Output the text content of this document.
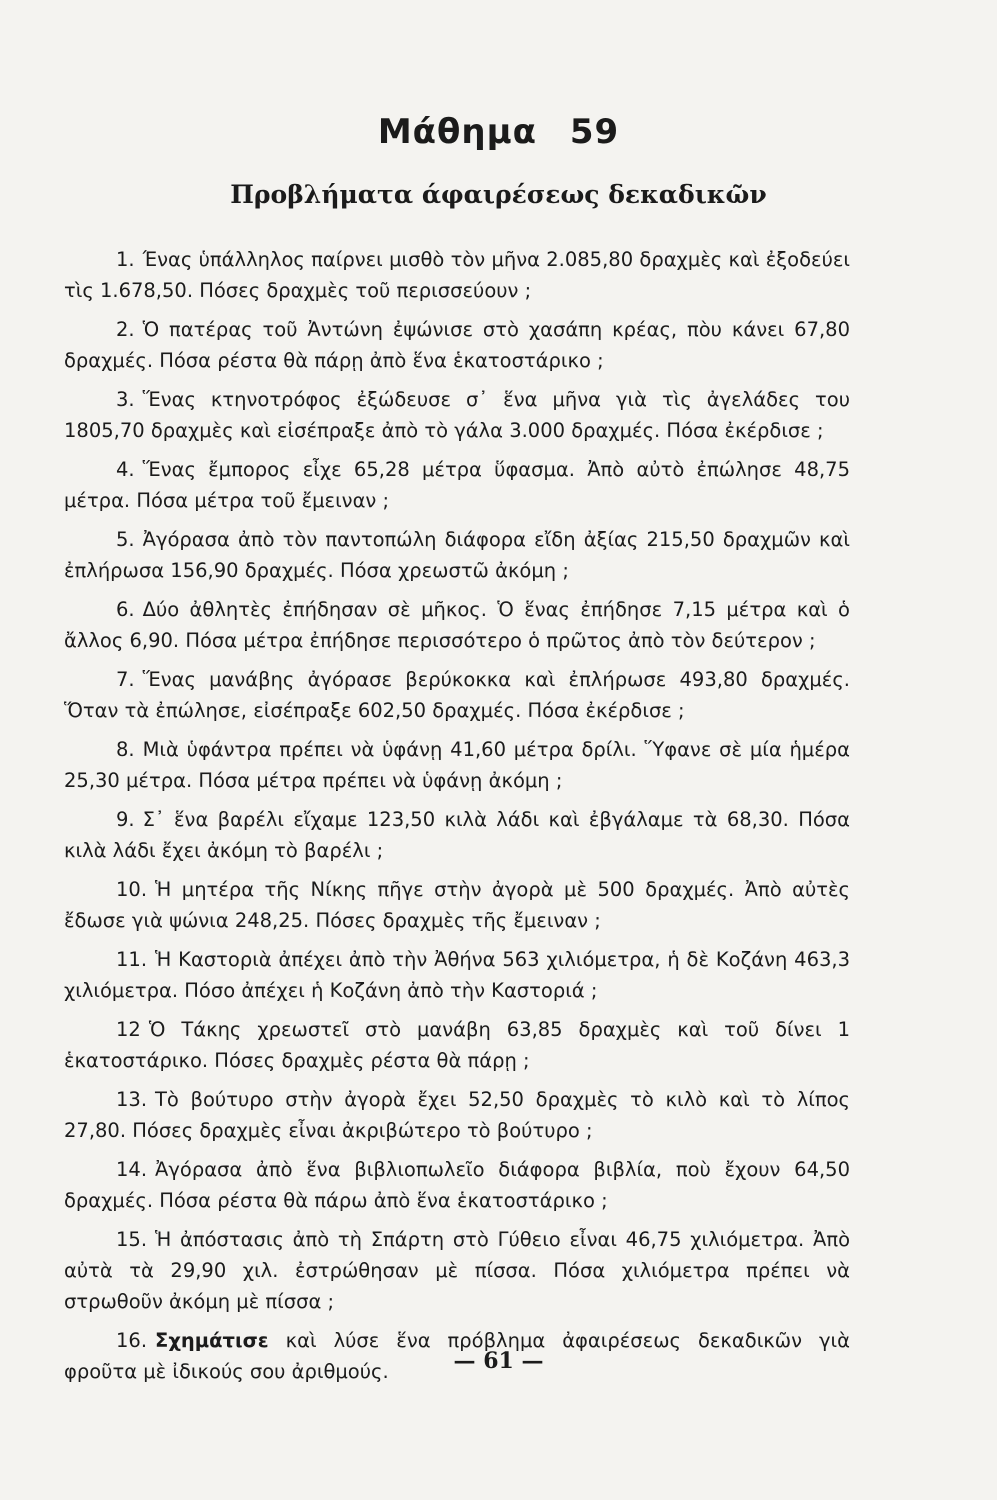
Μάθημα 59
Προβλήματα άφαιρέσεως δεκαδικῶν

1. Ένας ὑπάλληλος παίρνει μισθὸ τὸν μῆνα 2.085,80 δραχμὲς καὶ ἐξοδεύει τὶς 1.678,50. Πόσες δραχμὲς τοῦ περισσεύουν ;

2. Ὁ πατέρας τοῦ Ἀντώνη ἐψώνισε στὸ χασάπη κρέας, πὸυ κάνει 67,80 δραχμές. Πόσα ρέστα θὰ πάρῃ ἀπὸ ἕνα ἑκατοστάρικο ;

3. Ἕνας κτηνοτρόφος ἐξώδευσε σ᾽ ἕνα μῆνα γιὰ τὶς ἀγελάδες του 1805,70 δραχμὲς καὶ εἰσέπραξε ἀπὸ τὸ γάλα 3.000 δραχμές. Πόσα ἐκέρδισε ;

4. Ἕνας ἔμπορος εἶχε 65,28 μέτρα ὕφασμα. Ἀπὸ αὐτὸ ἐπώλησε 48,75 μέτρα. Πόσα μέτρα τοῦ ἔμειναν ;

5. Ἀγόρασα ἀπὸ τὸν παντοπώλη διάφορα εἴδη ἀξίας 215,50 δραχμῶν καὶ ἐπλήρωσα 156,90 δραχμές. Πόσα χρεωστῶ ἀκόμη ;

6. Δύο ἀθλητὲς ἐπήδησαν σὲ μῆκος. Ὁ ἕνας ἐπήδησε 7,15 μέτρα καὶ ὁ ἄλλος 6,90. Πόσα μέτρα ἐπήδησε περισσότερο ὁ πρῶτος ἀπὸ τὸν δεύτερον ;

7. Ἕνας μανάβης ἀγόρασε βερύκοκκα καὶ ἐπλήρωσε 493,80 δραχμές. Ὅταν τὰ ἐπώλησε, εἰσέπραξε 602,50 δραχμές. Πόσα ἐκέρδισε ;

8. Μιὰ ὑφάντρα πρέπει νὰ ὑφάνῃ 41,60 μέτρα δρίλι. Ὕφανε σὲ μία ἡμέρα 25,30 μέτρα. Πόσα μέτρα πρέπει νὰ ὑφάνῃ ἀκόμη ;

9. Σ᾽ ἕνα βαρέλι εἴχαμε 123,50 κιλὰ λάδι καὶ ἐβγάλαμε τὰ 68,30. Πόσα κιλὰ λάδι ἔχει ἀκόμη τὸ βαρέλι ;

10. Ἡ μητέρα τῆς Νίκης πῆγε στὴν ἀγορὰ μὲ 500 δραχμές. Ἀπὸ αὐτὲς ἔδωσε γιὰ ψώνια 248,25. Πόσες δραχμὲς τῆς ἔμειναν ;

11. Ἡ Καστοριὰ ἀπέχει ἀπὸ τὴν Ἀθήνα 563 χιλιόμετρα, ἡ δὲ Κοζάνη 463,3 χιλιόμετρα. Πόσο ἀπέχει ἡ Κοζάνη ἀπὸ τὴν Καστοριά ;

12 Ὁ Τάκης χρεωστεῖ στὸ μανάβη 63,85 δραχμὲς καὶ τοῦ δίνει 1 ἑκατοστάρικο. Πόσες δραχμὲς ρέστα θὰ πάρῃ ;

13. Τὸ βούτυρο στὴν ἀγορὰ ἔχει 52,50 δραχμὲς τὸ κιλὸ καὶ τὸ λίπος 27,80. Πόσες δραχμὲς εἶναι ἀκριβώτερο τὸ βούτυρο ;

14. Ἀγόρασα ἀπὸ ἕνα βιβλιοπωλεῖο διάφορα βιβλία, ποὺ ἔχουν 64,50 δραχμές. Πόσα ρέστα θὰ πάρω ἀπὸ ἕνα ἑκατοστάρικο ;

15. Ἡ ἀπόστασις ἀπὸ τὴ Σπάρτη στὸ Γύθειο εἶναι 46,75 χιλιόμετρα. Ἀπὸ αὐτὰ τὰ 29,90 χιλ. ἐστρώθησαν μὲ πίσσα. Πόσα χιλιόμετρα πρέπει νὰ στρωθοῦν ἀκόμη μὲ πίσσα ;

16. Σχημάτισε καὶ λύσε ἕνα πρόβλημα ἀφαιρέσεως δεκαδικῶν γιὰ φροῦτα μὲ ἰδικούς σου ἀριθμούς.	— 61 —
